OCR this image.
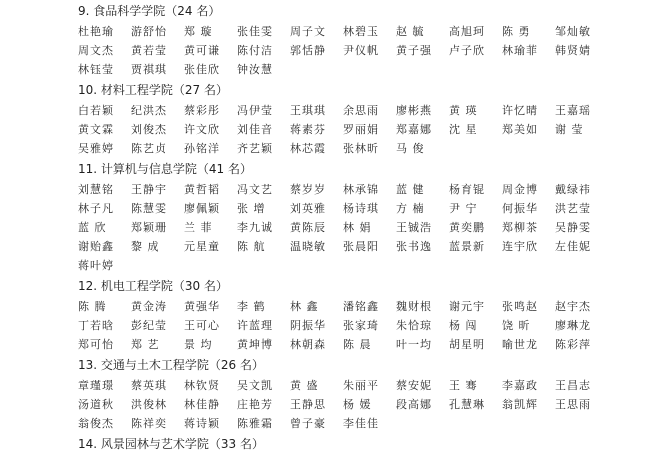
9. 食品科学学院（24 名）
杜艳瑜	游舒怡	郑 璇	张佳雯	周子文	林碧玉	赵 毓	高旭珂	陈 勇	邹灿敏
周文杰	黄若莹	黄可谦	陈付洁	郭恬静	尹仪帆	黄子强	卢子欣	林瑜菲	韩贤婧
林钰莹	贾祺琪	张佳欣	钟汝慧
10. 材料工程学院（27 名）
白若颖	纪洪杰	蔡彩彤	冯伊莹	王琪琪	余思雨	廖彬燕	黄 瑛	许忆晴	王嘉瑶
黄文霖	刘俊杰	许文欣	刘佳音	蒋素芬	罗丽娟	郑嘉娜	沈 星	郑美如	谢 莹
吴雅婷	陈艺贞	孙铭洋	齐艺颖	林芯霞	张林昕	马 俊
11. 计算机与信息学院（41 名）
刘慧铭	王静宇	黄哲韬	冯文艺	蔡岁岁	林承锦	蓝 健	杨育锟	周金博	戴绿祎
林子凡	陈慧雯	廖佩颖	张 增	刘英雅	杨诗琪	方 楠	尹 宁	何振华	洪艺莹
蓝 欣	郑颖珊	兰 菲	李九诚	黄陈辰	林 娟	王铖浩	黄奕鹏	郑柳茶	吴静雯
谢贻鑫	黎 成	元星童	陈 航	温晓敏	张晨阳	张书逸	蓝景新	连宇欣	左佳妮
蒋叶婷
12. 机电工程学院（30 名）
陈 腾	黄金涛	黄强华	李 鹤	林 鑫	潘铭鑫	魏财根	谢元宇	张鸣赵	赵宇杰
丁若晗	彭纪莹	王可心	许蓝理	阴振华	张家琦	朱恰琼	杨 闯	饶 昕	廖琳龙
郑可怡	郑 艺	景 均	黄坤博	林朝森	陈 晨	叶一均	胡星明	喻世龙	陈彩萍
13. 交通与土木工程学院（26 名）
章瑾璟	蔡英琪	林钦贤	吴文凯	黄 盛	朱丽平	蔡安妮	王 骞	李嘉政	王昌志
汤道秋	洪俊林	林佳静	庄艳芳	王静思	杨 媛	段高娜	孔慧琳	翁凯辉	王思雨
翁俊杰	陈祥奕	蒋诗颖	陈雅霜	曾子豪	李佳佳
14. 风景园林与艺术学院（33 名）
